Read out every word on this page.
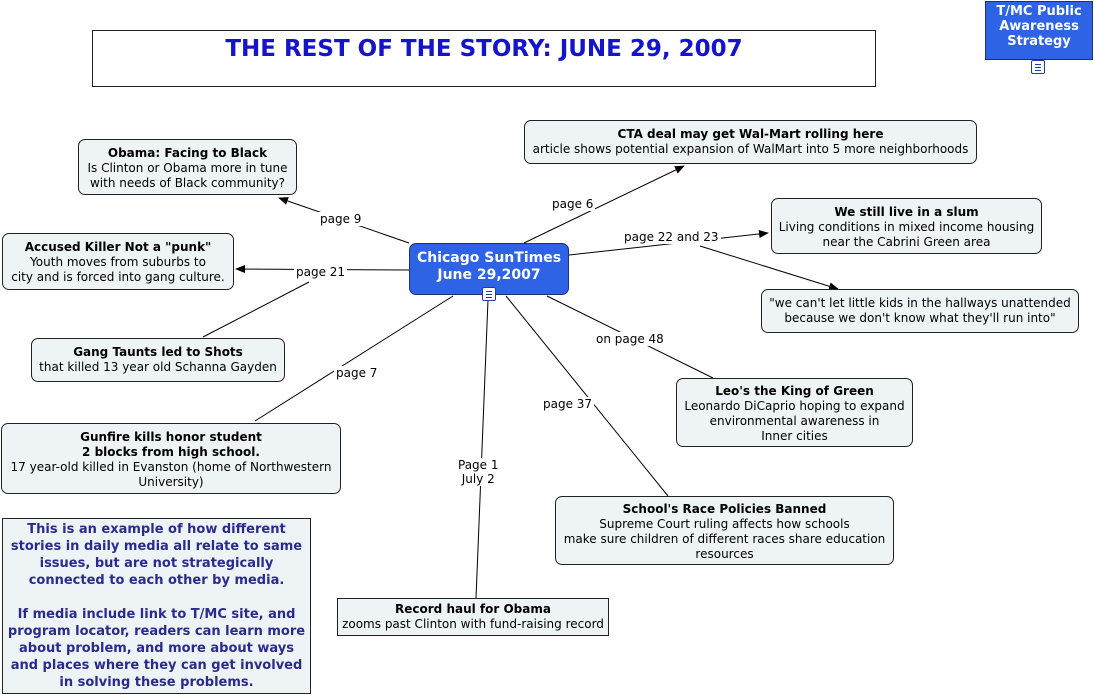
THE REST OF THE STORY: JUNE 29, 2007
T/MC Public
Awareness
Strategy
Chicago SunTimes
June 29,2007
page 9
page 21
page 6
page 22 and 23
on page 48
page 37
page 7
Page 1
July 2
Obama: Facing to Black
Is Clinton or Obama more in tune
with needs of Black community?
Accused Killer Not a "punk"
Youth moves from suburbs to
city and is forced into gang culture.
Gang Taunts led to Shots
that killed 13 year old Schanna Gayden
Gunfire kills honor student
2 blocks from high school.
17 year-old killed in Evanston (home of Northwestern
University)
CTA deal may get Wal-Mart rolling here
article shows potential expansion of WalMart into 5 more neighborhoods
We still live in a slum
Living conditions in mixed income housing
near the Cabrini Green area
"we can't let little kids in the hallways unattended
because we don't know what they'll run into"
Leo's the King of Green
Leonardo DiCaprio hoping to expand
environmental awareness in
Inner cities
School's Race Policies Banned
Supreme Court ruling affects how schools
make sure children of different races share education
resources
Record haul for Obama
zooms past Clinton with fund-raising record

This is an example of how different stories in daily media all relate to same issues, but are not strategically connected to each other by media.

If media include link to T/MC site, and program locator, readers can learn more about problem, and more about ways and places where they can get involved in solving these problems.
